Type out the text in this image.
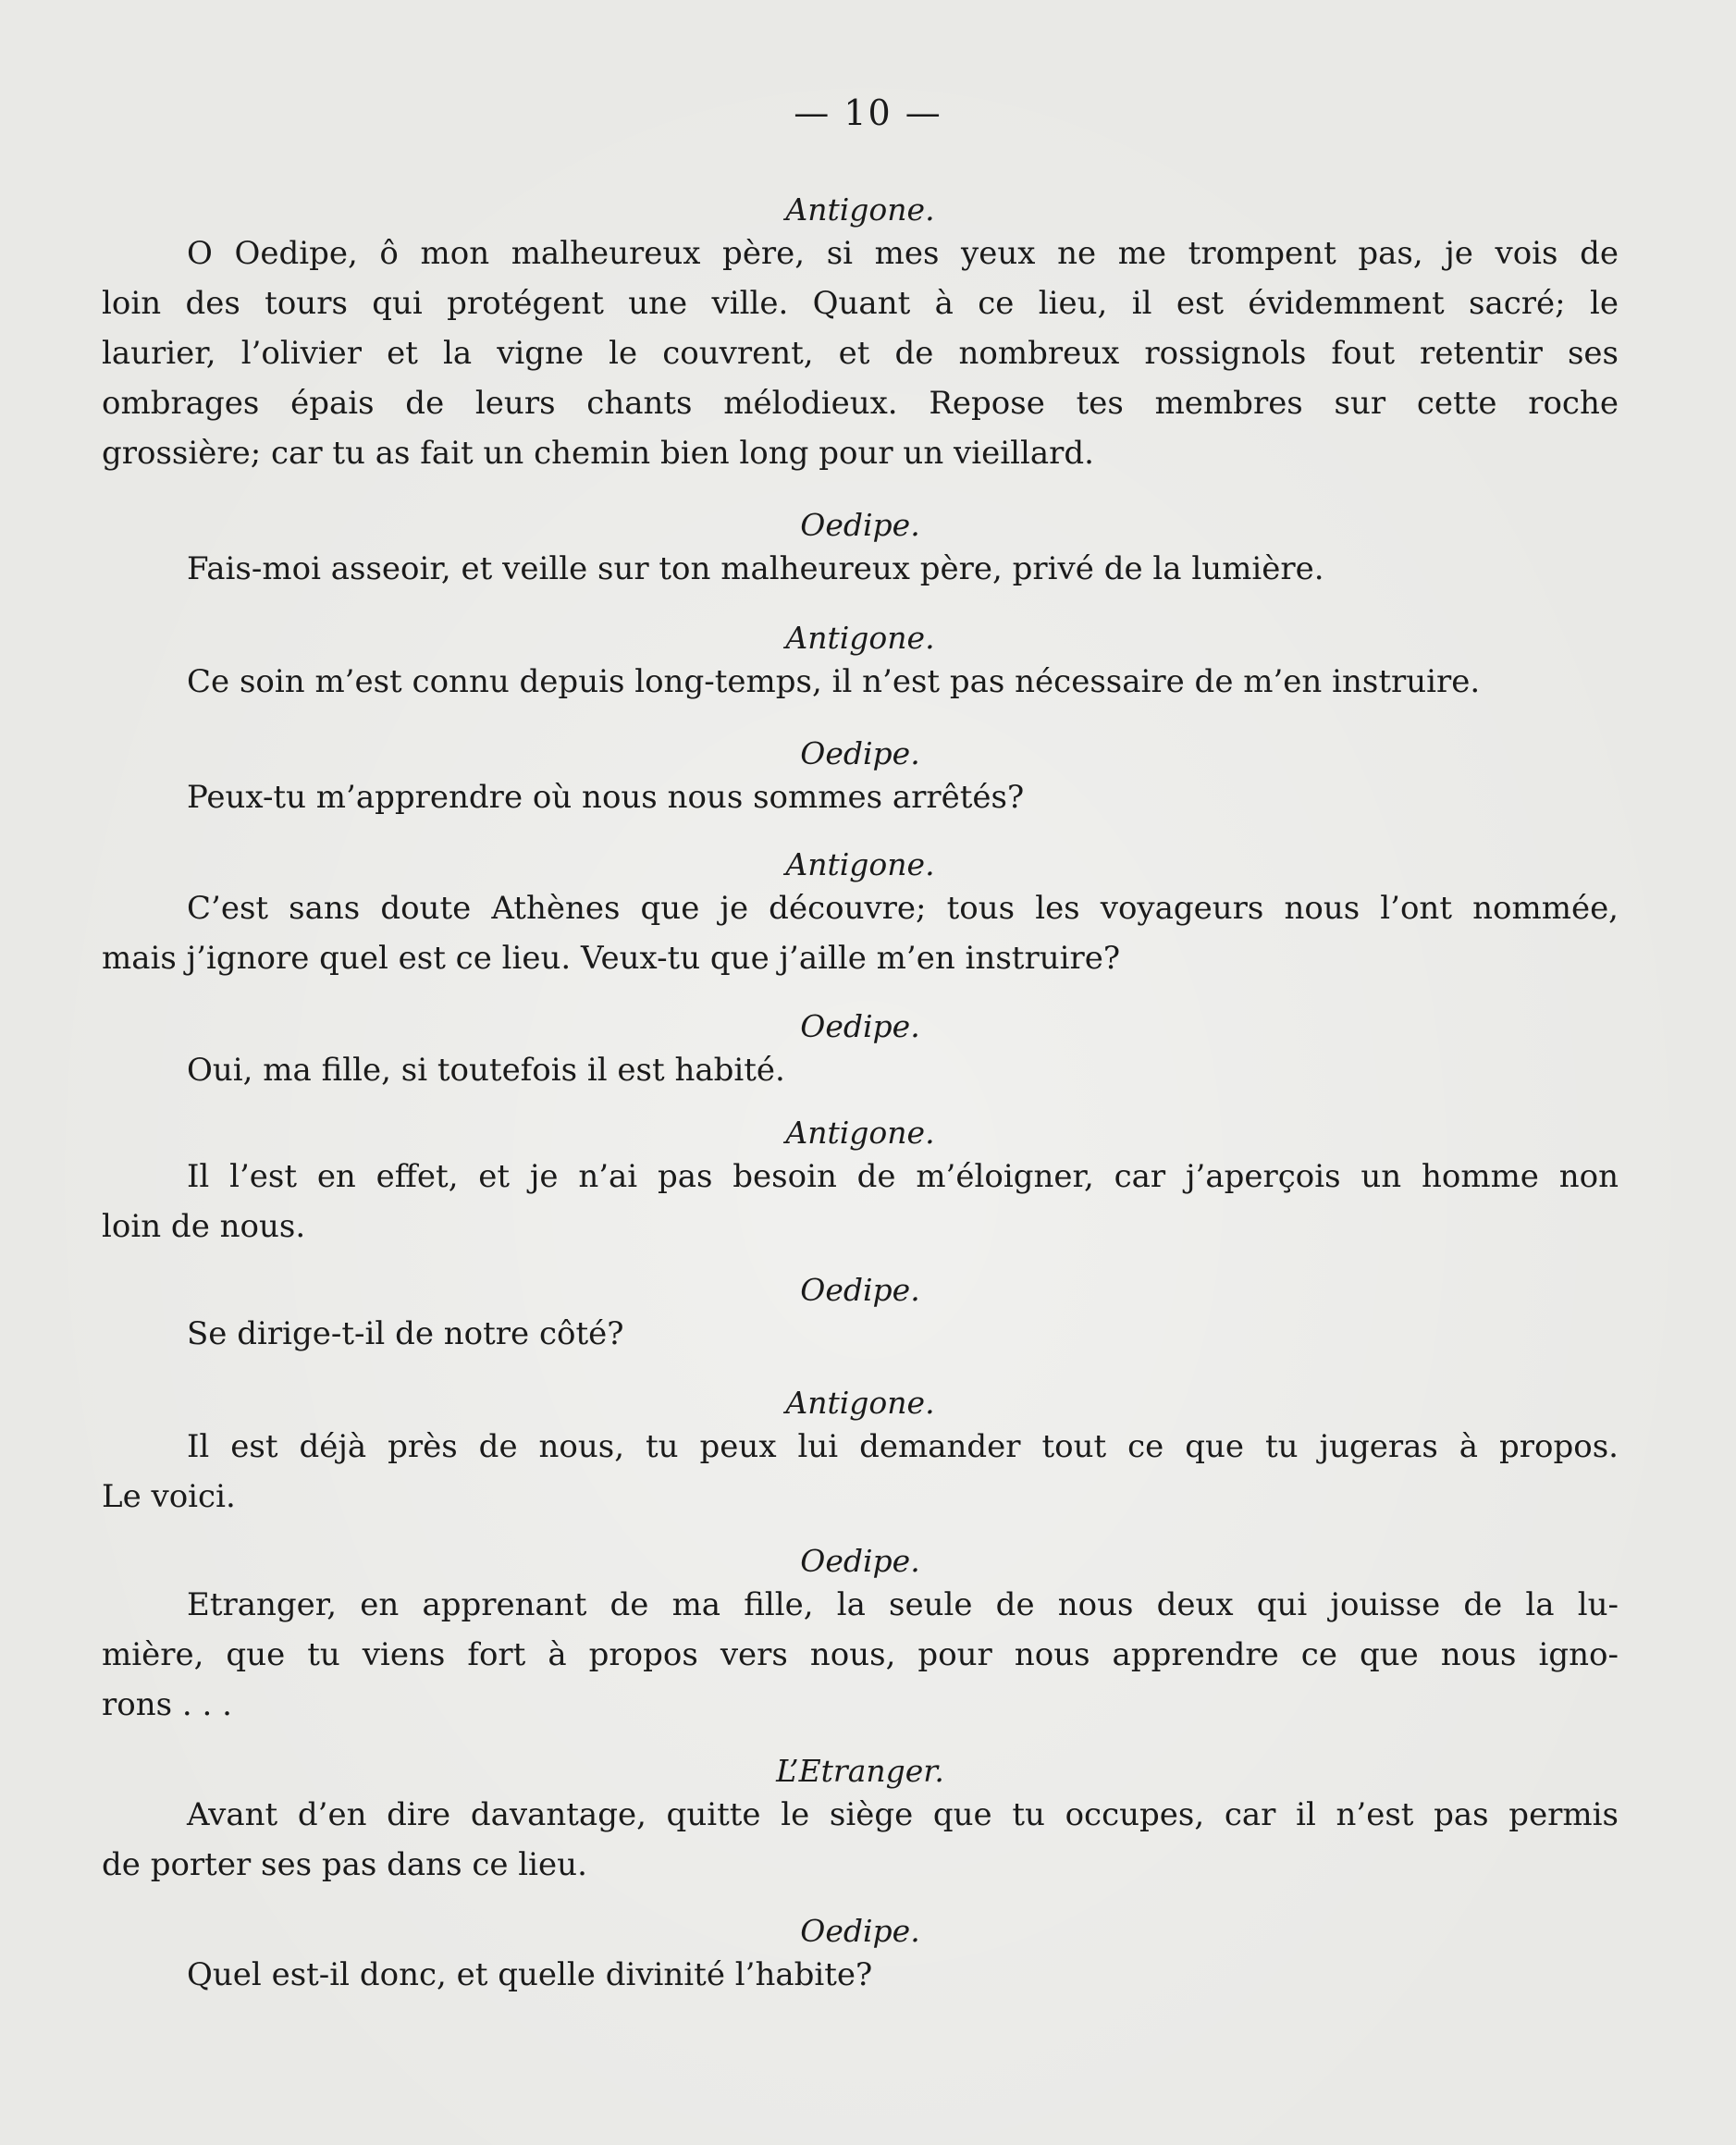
— 10 —

Antigone.

O Oedipe, ô mon malheureux père, si mes yeux ne me trompent pas, je vois de

loin des tours qui protégent une ville. Quant à ce lieu, il est évidemment sacré; le

laurier, l’olivier et la vigne le couvrent, et de nombreux rossignols fout retentir ses

ombrages épais de leurs chants mélodieux. Repose tes membres sur cette roche

grossière; car tu as fait un chemin bien long pour un vieillard.

Oedipe.

Fais-moi asseoir, et veille sur ton malheureux père, privé de la lumière.

Antigone.

Ce soin m’est connu depuis long-temps, il n’est pas nécessaire de m’en instruire.

Oedipe.

Peux-tu m’apprendre où nous nous sommes arrêtés?

Antigone.

C’est sans doute Athènes que je découvre; tous les voyageurs nous l’ont nommée,

mais j’ignore quel est ce lieu. Veux-tu que j’aille m’en instruire?

Oedipe.

Oui, ma fille, si toutefois il est habité.

Antigone.

Il l’est en effet, et je n’ai pas besoin de m’éloigner, car j’aperçois un homme non

loin de nous.

Oedipe.

Se dirige-t-il de notre côté?

Antigone.

Il est déjà près de nous, tu peux lui demander tout ce que tu jugeras à propos.

Le voici.

Oedipe.

Etranger, en apprenant de ma fille, la seule de nous deux qui jouisse de la lu-

mière, que tu viens fort à propos vers nous, pour nous apprendre ce que nous igno-

rons . . .

L’Etranger.

Avant d’en dire davantage, quitte le siège que tu occupes, car il n’est pas permis

de porter ses pas dans ce lieu.

Oedipe.

Quel est-il donc, et quelle divinité l’habite?
